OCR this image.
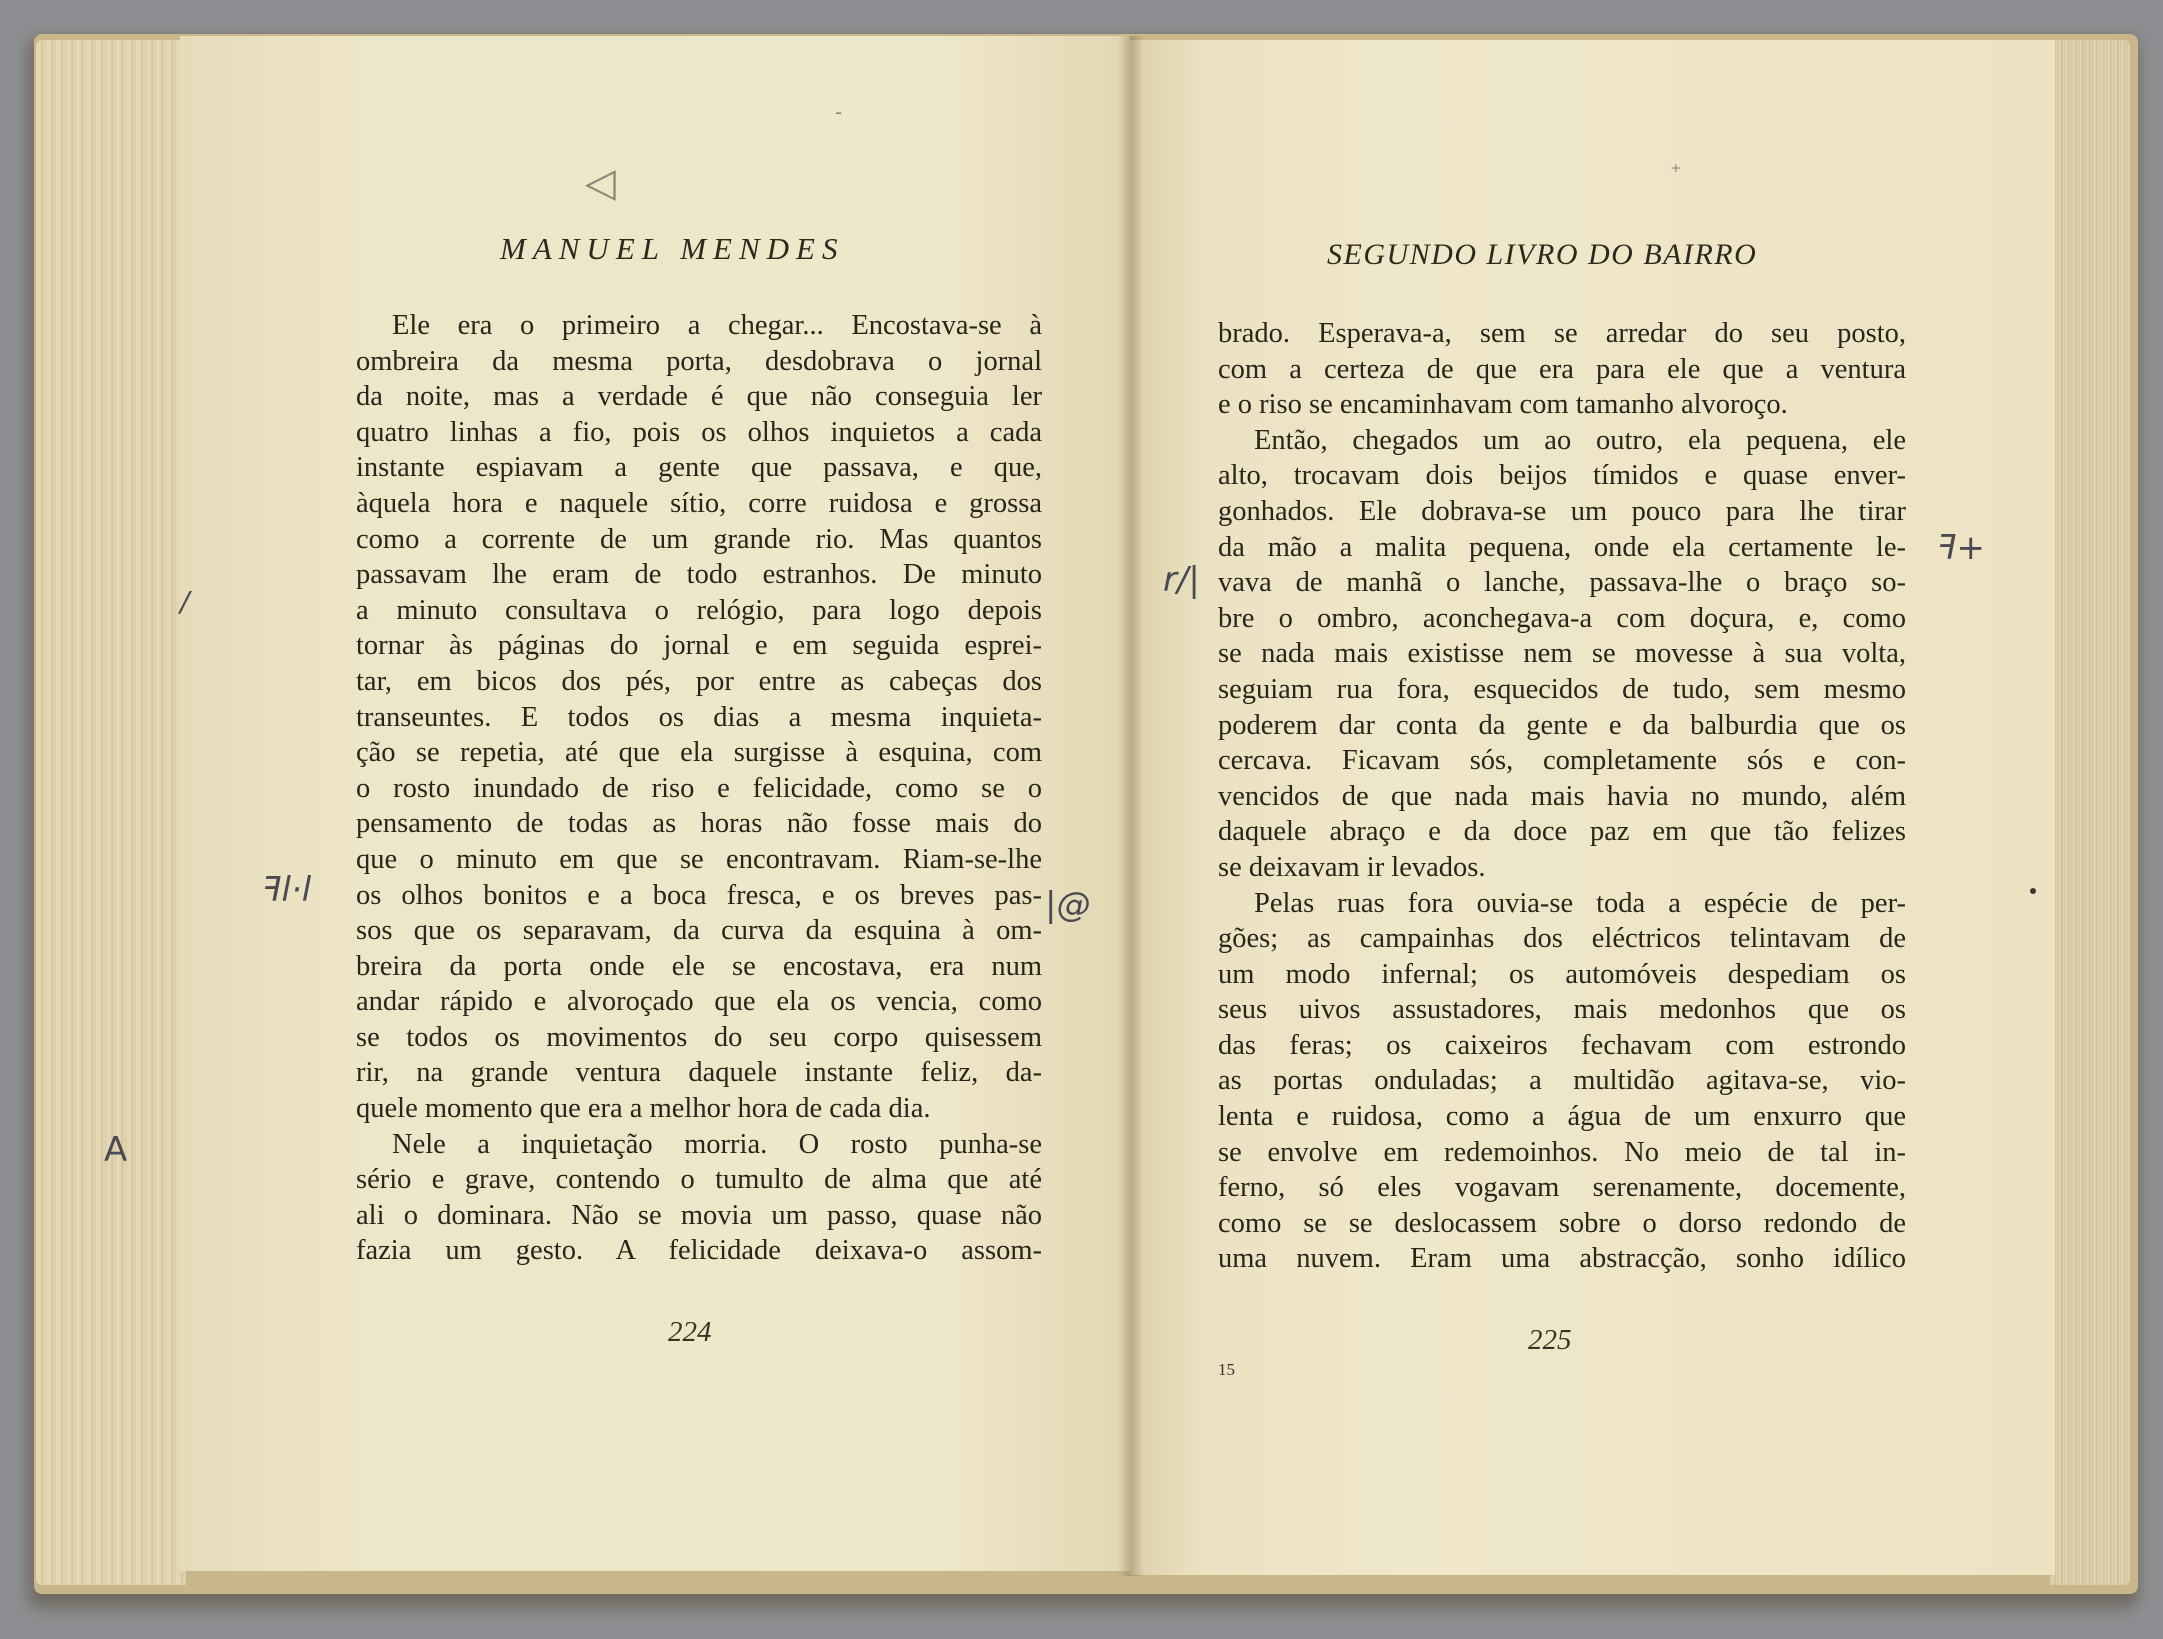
◁
-
⁺
MANUEL MENDES	SEGUNDO LIVRO DO BAIRRO
Ele era o primeiro a chegar... Encostava-se à
ombreira da mesma porta, desdobrava o jornal
da noite, mas a verdade é que não conseguia ler
quatro linhas a fio, pois os olhos inquietos a cada
instante espiavam a gente que passava, e que,
àquela hora e naquele sítio, corre ruidosa e grossa
como a corrente de um grande rio. Mas quantos
passavam lhe eram de todo estranhos. De minuto
a minuto consultava o relógio, para logo depois
tornar às páginas do jornal e em seguida esprei-
tar, em bicos dos pés, por entre as cabeças dos
transeuntes. E todos os dias a mesma inquieta-
ção se repetia, até que ela surgisse à esquina, com
o rosto inundado de riso e felicidade, como se o
pensamento de todas as horas não fosse mais do
que o minuto em que se encontravam. Riam-se-lhe
os olhos bonitos e a boca fresca, e os breves pas-
sos que os separavam, da curva da esquina à om-
breira da porta onde ele se encostava, era num
andar rápido e alvoroçado que ela os vencia, como
se todos os movimentos do seu corpo quisessem
rir, na grande ventura daquele instante feliz, da-
quele momento que era a melhor hora de cada dia.
Nele a inquietação morria. O rosto punha-se
sério e grave, contendo o tumulto de alma que até
ali o dominara. Não se movia um passo, quase não
fazia um gesto. A felicidade deixava-o assom-
brado. Esperava-a, sem se arredar do seu posto,
com a certeza de que era para ele que a ventura
e o riso se encaminhavam com tamanho alvoroço.
Então, chegados um ao outro, ela pequena, ele
alto, trocavam dois beijos tímidos e quase enver-
gonhados. Ele dobrava-se um pouco para lhe tirar
da mão a malita pequena, onde ela certamente le-
vava de manhã o lanche, passava-lhe o braço so-
bre o ombro, aconchegava-a com doçura, e, como
se nada mais existisse nem se movesse à sua volta,
seguiam rua fora, esquecidos de tudo, sem mesmo
poderem dar conta da gente e da balburdia que os
cercava. Ficavam sós, completamente sós e con-
vencidos de que nada mais havia no mundo, além
daquele abraço e da doce paz em que tão felizes
se deixavam ir levados.
Pelas ruas fora ouvia-se toda a espécie de per-
gões; as campainhas dos eléctricos telintavam de
um modo infernal; os automóveis despediam os
seus uivos assustadores, mais medonhos que os
das feras; os caixeiros fechavam com estrondo
as portas onduladas; a multidão agitava-se, vio-
lenta e ruidosa, como a água de um enxurro que
se envolve em redemoinhos. No meio de tal in-
ferno, só eles vogavam serenamente, docemente,
como se se deslocassem sobre o dorso redondo de
uma nuvem. Eram uma abstracção, sonho idílico
224	225
15
ꟻl·l
A
|@
r/|
ꟻ+
/
